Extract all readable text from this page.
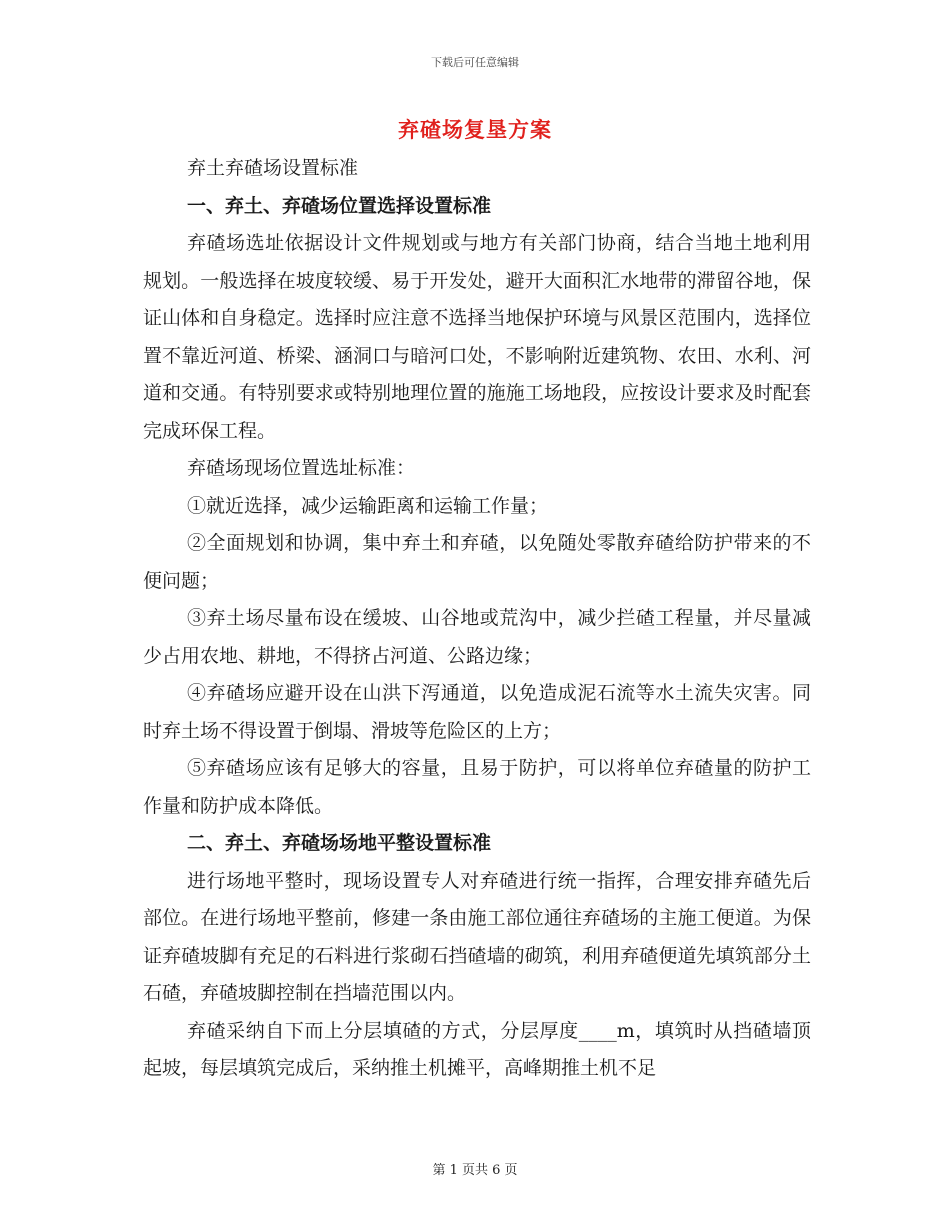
下载后可任意编辑
弃碴场复垦方案

弃土弃碴场设置标准

一、弃土、弃碴场位置选择设置标准

弃碴场选址依据设计文件规划或与地方有关部门协商，结合当地土地利用规划。一般选择在坡度较缓、易于开发处，避开大面积汇水地带的滞留谷地，保证山体和自身稳定。选择时应注意不选择当地保护环境与风景区范围内，选择位置不靠近河道、桥梁、涵洞口与暗河口处，不影响附近建筑物、农田、水利、河道和交通。有特别要求或特别地理位置的施施工场地段，应按设计要求及时配套完成环保工程。

弃碴场现场位置选址标准：

①就近选择，减少运输距离和运输工作量；

②全面规划和协调，集中弃土和弃碴，以免随处零散弃碴给防护带来的不便问题；

③弃土场尽量布设在缓坡、山谷地或荒沟中，减少拦碴工程量，并尽量减少占用农地、耕地，不得挤占河道、公路边缘；

④弃碴场应避开设在山洪下泻通道，以免造成泥石流等水土流失灾害。同时弃土场不得设置于倒塌、滑坡等危险区的上方；

⑤弃碴场应该有足够大的容量，且易于防护，可以将单位弃碴量的防护工作量和防护成本降低。

二、弃土、弃碴场场地平整设置标准

进行场地平整时，现场设置专人对弃碴进行统一指挥，合理安排弃碴先后部位。在进行场地平整前，修建一条由施工部位通往弃碴场的主施工便道。为保证弃碴坡脚有充足的石料进行浆砌石挡碴墙的砌筑，利用弃碴便道先填筑部分土石碴，弃碴坡脚控制在挡墙范围以内。

弃碴采纳自下而上分层填碴的方式，分层厚度____m，填筑时从挡碴墙顶起坡，每层填筑完成后，采纳推土机摊平，高峰期推土机不足

第 1 页共 6 页
